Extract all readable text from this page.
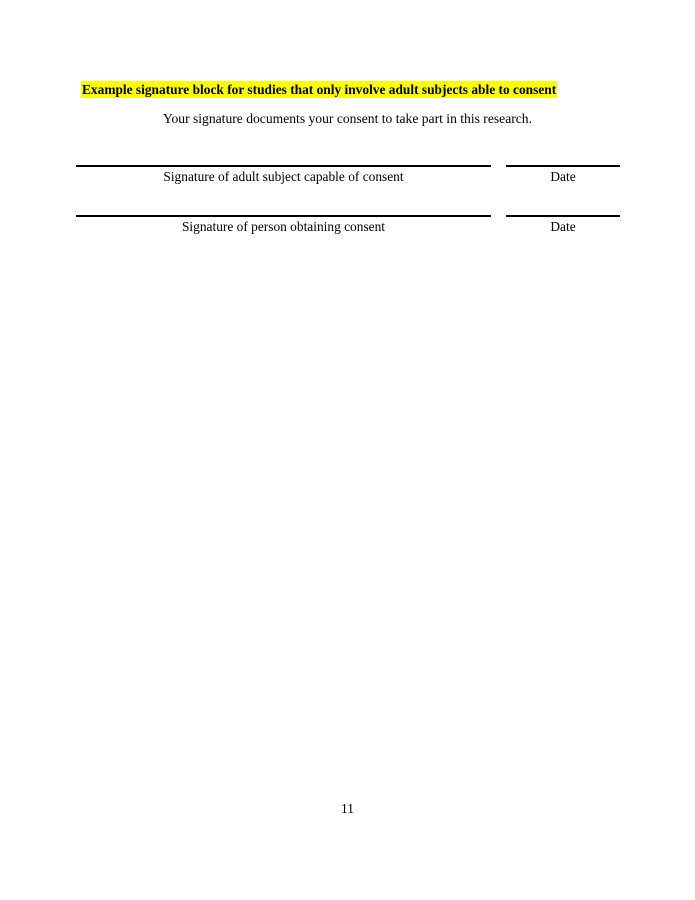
Example signature block for studies that only involve adult subjects able to consent
Your signature documents your consent to take part in this research.
Signature of adult subject capable of consent	Date
Signature of person obtaining consent	Date
11
